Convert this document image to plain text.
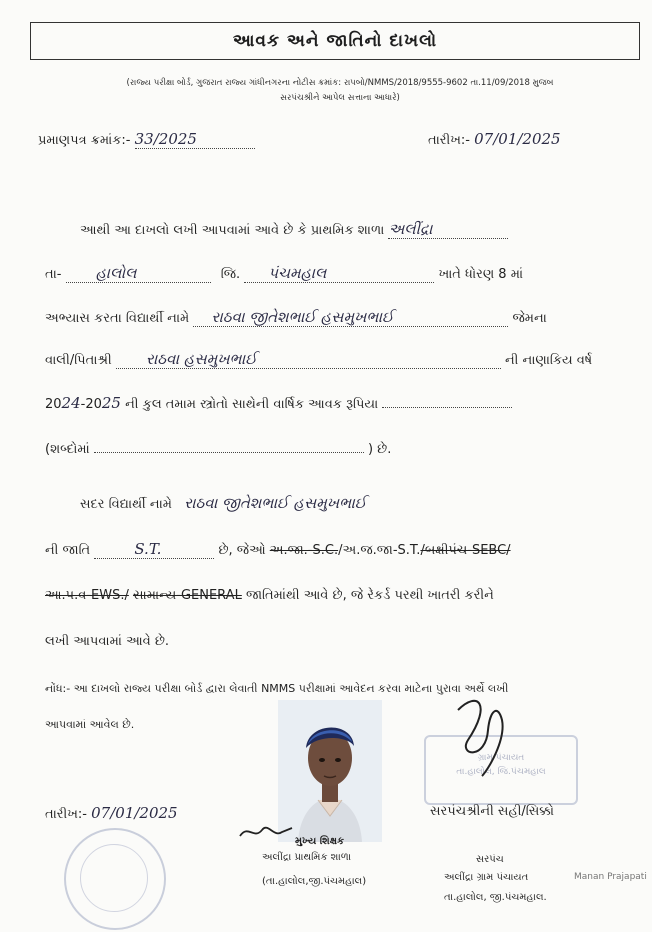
આવક અને જાતિનો દાખલો
(રાજ્ય પરીક્ષા બોર્ડ, ગુજરાત રાજ્ય ગાંધીનગરના નોટીસ ક્રમાંક: રાપબો/NMMS/2018/9555-9602 તા.11/09/2018 મુજબ
સરપંચશ્રીને આપેલ સત્તાના આધારે)
પ્રમાણપત્ર ક્રમાંક:- 33/2025	તારીખ:- 07/01/2025
આથી આ દાખલો લખી આપવામાં આવે છે કે પ્રાથમિક શાળા અલીંદ્રા
તા- હાલોલ	જિ. પંચમહાલ	ખાતે ધોરણ 8 માં
અભ્યાસ કરતા વિદ્યાર્થી નામે રાઠવા જીતેશભાઈ હસમુખભાઈ	જેમના
વાલી/પિતાશ્રી રાઠવા હસમુખભાઈ	ની નાણાકિય વર્ષ
2024-2025 ની કુલ તમામ સ્ત્રોતો સાથેની વાર્ષિક આવક રૂપિયા
(શબ્દોમાં	) છે.
સદર વિદ્યાર્થી નામે રાઠવા જીતેશભાઈ હસમુખભાઈ
ની જાતિ	S.T.	છે, જેઓ અ.જા.-S.C./અ.જ.જા-S.T./બક્ષીપંચ-SEBC/
આ.પ.વ-EWS./ સામાન્ય-GENERAL જાતિમાંથી આવે છે, જે રેકર્ડ પરથી ખાતરી કરીને
લખી આપવામાં આવે છે.
નોંધ:- આ દાખલો રાજ્ય પરીક્ષા બોર્ડ દ્વારા લેવાતી NMMS પરીક્ષામાં આવેદન કરવા માટેના પુરાવા અર્થે લખી
આપવામાં આવેલ છે.
ગ્રામ પંચાયત
તા.હાલોલ, જિ.પંચમહાલ
તારીખ:- 07/01/2025	સરપંચશ્રીની સહી/સિક્કો
મુખ્ય શિક્ષક
અલીંદ્રા પ્રાથમિક શાળા
(તા.હાલોલ,જી.પંચમહાલ)
સરપંચ
અલીંદ્રા ગ્રામ પંચાયત	Manan Prajapati
તા.હાલોલ, જી.પંચમહાલ.
